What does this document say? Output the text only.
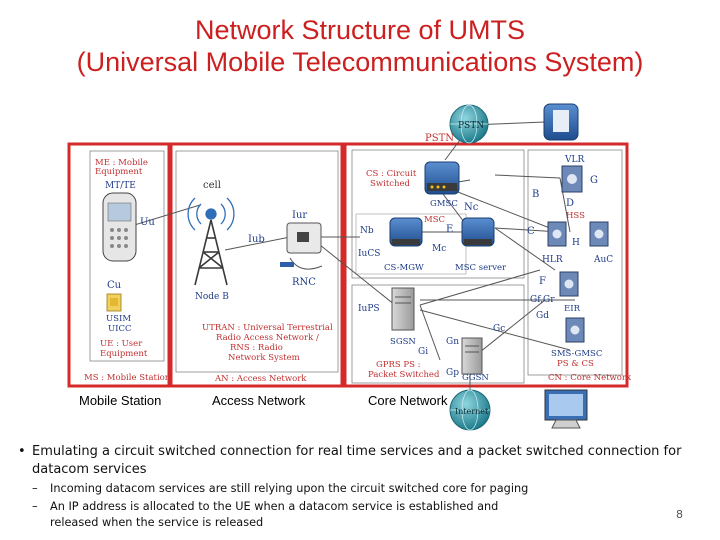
Network Structure of UMTS
(Universal Mobile Telecommunications System)
PSTN
PSTN
ME : Mobile
Equipment
MT/TE
Uu
Cu
USIM
UICC
UE : User
Equipment
MS : Mobile Station
cell
Iur
Iub
RNC
Node B
UTRAN : Universal Terrestrial
Radio Access Network /
RNS : Radio
Network System
AN : Access Network
CS : Circuit
Switched
GMSC Nc
VLR
G
B
D
MSC
Nb	E
Mc
C
HSS
H
IuCS
CS-MGW	MSC server
HLR	AuC
F
Gf,Gr
EIR
IuPS
Gd
Gc
SGSN	Gn
Gi
GPRS PS :
Packet Switched Gp GGSN
SMS-GMSC
PS & CS
CN : Core Network
Internet
Mobile Station	Access Network	Core Network
• Emulating a circuit switched connection for real time services and a packet switched connection for datacom services
– Incoming datacom services are still relying upon the circuit switched core for paging
– An IP address is allocated to the UE when a datacom service is established and released when the service is released
8
